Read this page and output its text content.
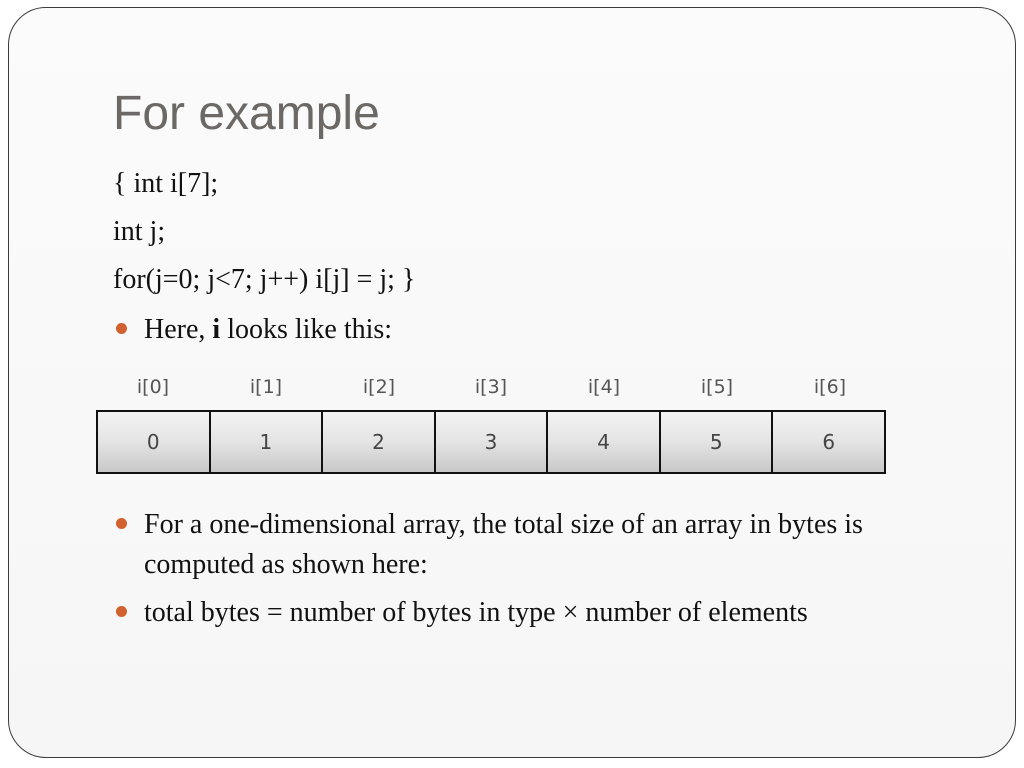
For example
{ int i[7];
int j;
for(j=0; j<7; j++) i[j] = j; }
Here, i looks like this:
i[0]	i[1]	i[2]	i[3]	i[4]	i[5]	i[6]
0	1	2	3	4	5	6
For a one-dimensional array, the total size of an array in bytes is computed as shown here:
total bytes = number of bytes in type × number of elements
